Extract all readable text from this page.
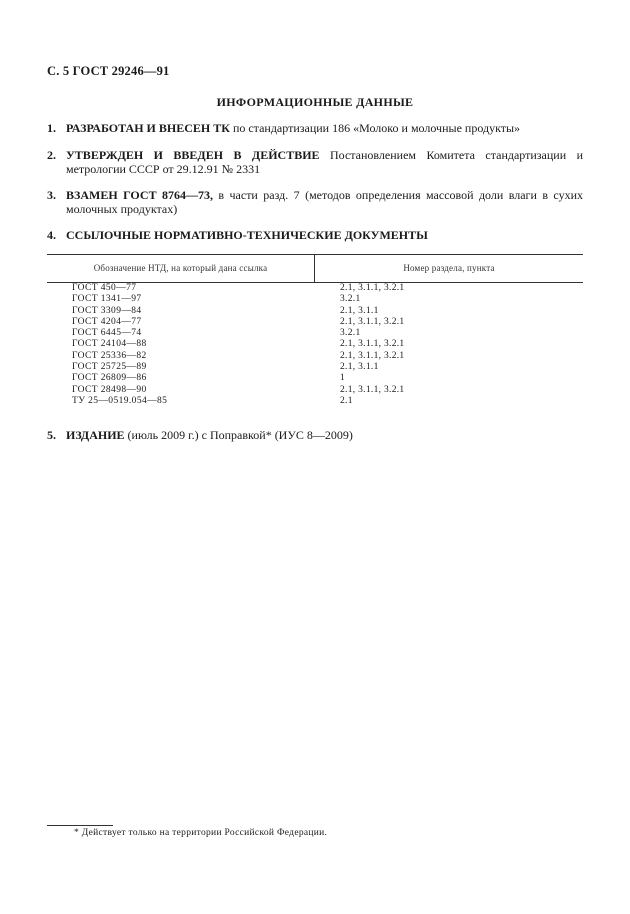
С. 5 ГОСТ 29246—91
ИНФОРМАЦИОННЫЕ ДАННЫЕ
1. РАЗРАБОТАН И ВНЕСЕН ТК по стандартизации 186 «Молоко и молочные продукты»
2. УТВЕРЖДЕН И ВВЕДЕН В ДЕЙСТВИЕ Постановлением Комитета стандартизации и метрологии СССР от 29.12.91 № 2331
3. ВЗАМЕН ГОСТ 8764—73, в части разд. 7 (методов определения массовой доли влаги в сухих молочных продуктах)
4. ССЫЛОЧНЫЕ НОРМАТИВНО-ТЕХНИЧЕСКИЕ ДОКУМЕНТЫ
Обозначение НТД, на который дана ссылка	Номер раздела, пункта
ГОСТ 450—77	2.1, 3.1.1, 3.2.1
ГОСТ 1341—97	3.2.1
ГОСТ 3309—84	2.1, 3.1.1
ГОСТ 4204—77	2.1, 3.1.1, 3.2.1
ГОСТ 6445—74	3.2.1
ГОСТ 24104—88	2.1, 3.1.1, 3.2.1
ГОСТ 25336—82	2.1, 3.1.1, 3.2.1
ГОСТ 25725—89	2.1, 3.1.1
ГОСТ 26809—86	1
ГОСТ 28498—90	2.1, 3.1.1, 3.2.1
ТУ 25—0519.054—85	2.1
5. ИЗДАНИЕ (июль 2009 г.) с Поправкой* (ИУС 8—2009)
* Действует только на территории Российской Федерации.
